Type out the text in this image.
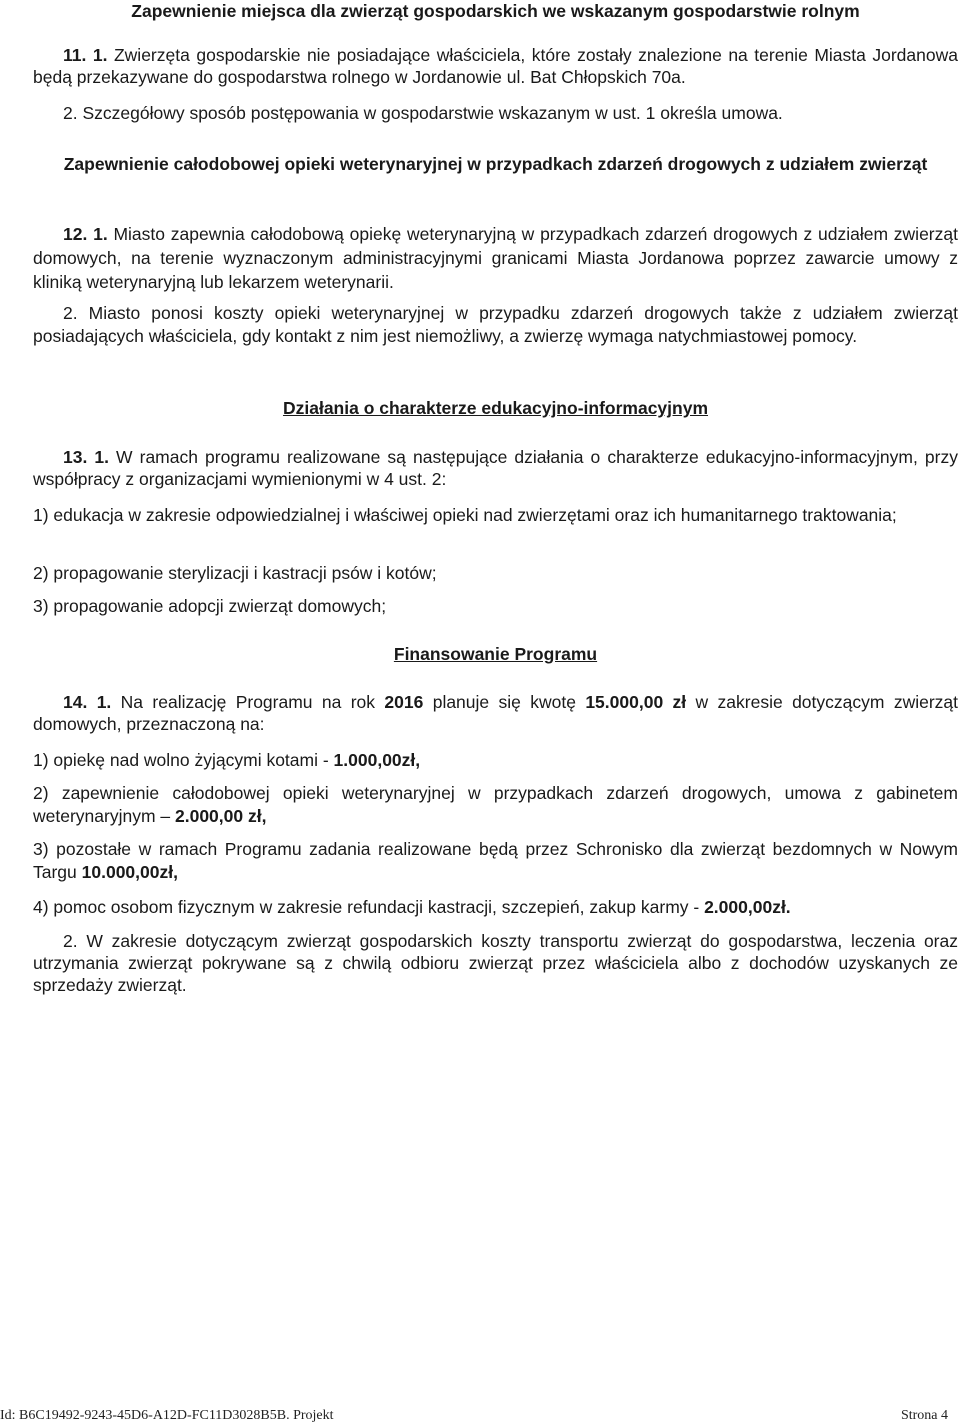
Zapewnienie miejsca dla zwierząt gospodarskich we wskazanym gospodarstwie rolnym

11. 1. Zwierzęta gospodarskie nie posiadające właściciela, które zostały znalezione na terenie Miasta Jordanowa będą przekazywane do gospodarstwa rolnego w Jordanowie ul. Bat Chłopskich 70a.

2. Szczegółowy sposób postępowania w gospodarstwie wskazanym w ust. 1 określa umowa.

Zapewnienie całodobowej opieki weterynaryjnej w przypadkach zdarzeń drogowych z udziałem zwierząt

12. 1. Miasto zapewnia całodobową opiekę weterynaryjną w przypadkach zdarzeń drogowych z udziałem zwierząt domowych, na terenie wyznaczonym administracyjnymi granicami Miasta Jordanowa poprzez zawarcie umowy z kliniką weterynaryjną lub lekarzem weterynarii.

2. Miasto ponosi koszty opieki weterynaryjnej w przypadku zdarzeń drogowych także z udziałem zwierząt posiadających właściciela, gdy kontakt z nim jest niemożliwy, a zwierzę wymaga natychmiastowej pomocy.

Działania o charakterze edukacyjno-informacyjnym

13. 1. W ramach programu realizowane są następujące działania o charakterze edukacyjno-informacyjnym, przy współpracy z organizacjami wymienionymi w 4 ust. 2:

1) edukacja w zakresie odpowiedzialnej i właściwej opieki nad zwierzętami oraz ich humanitarnego traktowania;

2) propagowanie sterylizacji i kastracji psów i kotów;

3) propagowanie adopcji zwierząt domowych;

Finansowanie Programu

14. 1. Na realizację Programu na rok 2016 planuje się kwotę 15.000,00 zł w zakresie dotyczącym zwierząt domowych, przeznaczoną na:

1) opiekę nad wolno żyjącymi kotami - 1.000,00zł,

2) zapewnienie całodobowej opieki weterynaryjnej w przypadkach zdarzeń drogowych, umowa z gabinetem weterynaryjnym – 2.000,00 zł,

3) pozostałe w ramach Programu zadania realizowane będą przez Schronisko dla zwierząt bezdomnych w Nowym Targu 10.000,00zł,

4) pomoc osobom fizycznym w zakresie refundacji kastracji, szczepień, zakup karmy - 2.000,00zł.

2. W zakresie dotyczącym zwierząt gospodarskich koszty transportu zwierząt do gospodarstwa, leczenia oraz utrzymania zwierząt pokrywane są z chwilą odbioru zwierząt przez właściciela albo z dochodów uzyskanych ze sprzedaży zwierząt.

Id: B6C19492-9243-45D6-A12D-FC11D3028B5B. Projekt	Strona 4
